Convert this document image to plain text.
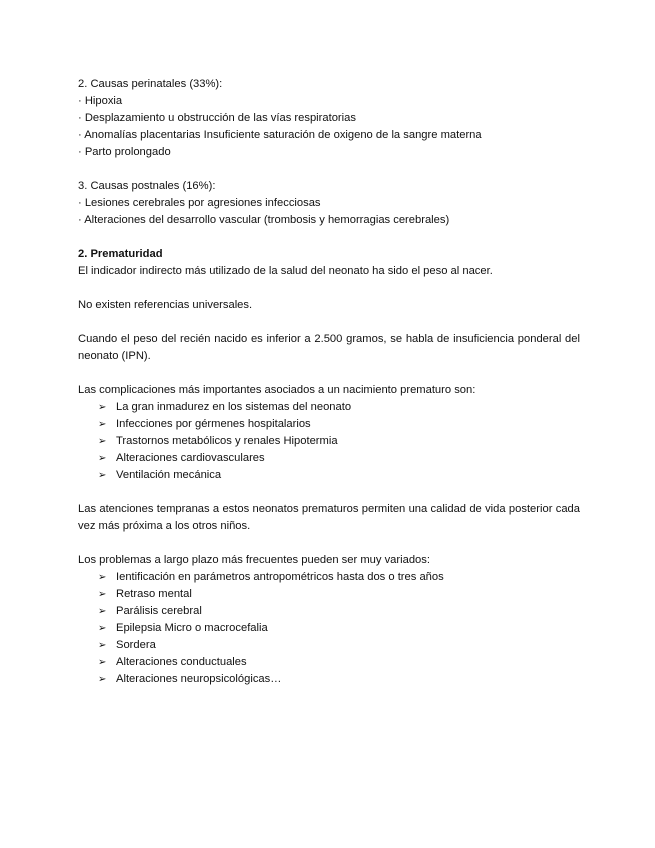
2. Causas perinatales (33%):
· Hipoxia
· Desplazamiento u obstrucción de las vías respiratorias
· Anomalías placentarias Insuficiente saturación de oxigeno de la sangre materna
· Parto prolongado
3. Causas postnales (16%):
· Lesiones cerebrales por agresiones infecciosas
· Alteraciones del desarrollo vascular (trombosis y hemorragias cerebrales)
2. Prematuridad
El indicador indirecto más utilizado de la salud del neonato ha sido el peso al nacer.
No existen referencias universales.
Cuando el peso del recién nacido es inferior a 2.500 gramos, se habla de insuficiencia ponderal del neonato (IPN).
Las complicaciones más importantes asociados a un nacimiento prematuro son:
➢ La gran inmadurez en los sistemas del neonato
➢ Infecciones por gérmenes hospitalarios
➢ Trastornos metabólicos y renales Hipotermia
➢ Alteraciones cardiovasculares
➢ Ventilación mecánica
Las atenciones tempranas a estos neonatos prematuros permiten una calidad de vida posterior cada vez más próxima a los otros niños.
Los problemas a largo plazo más frecuentes pueden ser muy variados:
➢ Ientificación en parámetros antropométricos hasta dos o tres años
➢ Retraso mental
➢ Parálisis cerebral
➢ Epilepsia Micro o macrocefalia
➢ Sordera
➢ Alteraciones conductuales
➢ Alteraciones neuropsicológicas…
